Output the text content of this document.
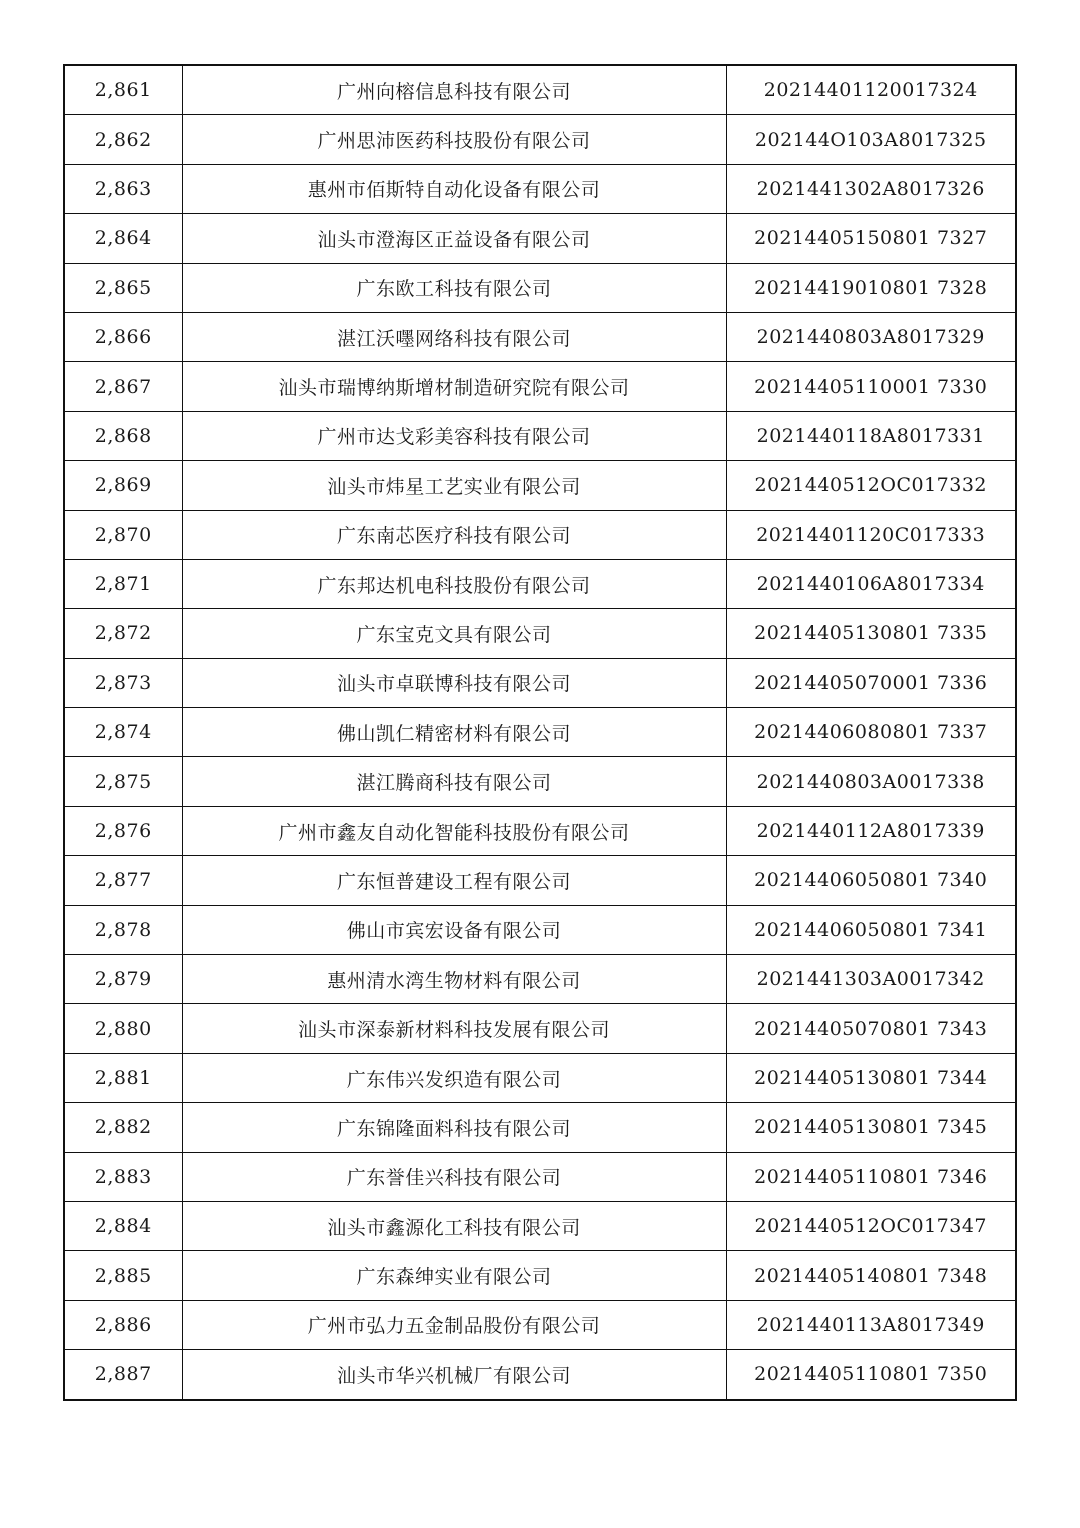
2,861	广州向榕信息科技有限公司	20214401120017324
2,862	广州思沛医药科技股份有限公司	202144O103A8017325
2,863	惠州市佰斯特自动化设备有限公司	2021441302A8017326
2,864	汕头市澄海区正益设备有限公司	20214405150801 7327
2,865	广东欧工科技有限公司	20214419010801 7328
2,866	湛江沃嚜网络科技有限公司	2021440803A8017329
2,867	汕头市瑞博纳斯增材制造研究院有限公司	20214405110001 7330
2,868	广州市达戈彩美容科技有限公司	2021440118A8017331
2,869	汕头市炜星工艺实业有限公司	2021440512OC017332
2,870	广东南芯医疗科技有限公司	20214401120C017333
2,871	广东邦达机电科技股份有限公司	2021440106A8017334
2,872	广东宝克文具有限公司	20214405130801 7335
2,873	汕头市卓联博科技有限公司	20214405070001 7336
2,874	佛山凯仁精密材料有限公司	20214406080801 7337
2,875	湛江腾商科技有限公司	2021440803A0017338
2,876	广州市鑫友自动化智能科技股份有限公司	2021440112A8017339
2,877	广东恒普建设工程有限公司	20214406050801 7340
2,878	佛山市宾宏设备有限公司	20214406050801 7341
2,879	惠州清水湾生物材料有限公司	2021441303A0017342
2,880	汕头市深泰新材料科技发展有限公司	20214405070801 7343
2,881	广东伟兴发织造有限公司	20214405130801 7344
2,882	广东锦隆面料科技有限公司	20214405130801 7345
2,883	广东誉佳兴科技有限公司	20214405110801 7346
2,884	汕头市鑫源化工科技有限公司	2021440512OC017347
2,885	广东森绅实业有限公司	20214405140801 7348
2,886	广州市弘力五金制品股份有限公司	2021440113A8017349
2,887	汕头市华兴机械厂有限公司	20214405110801 7350
